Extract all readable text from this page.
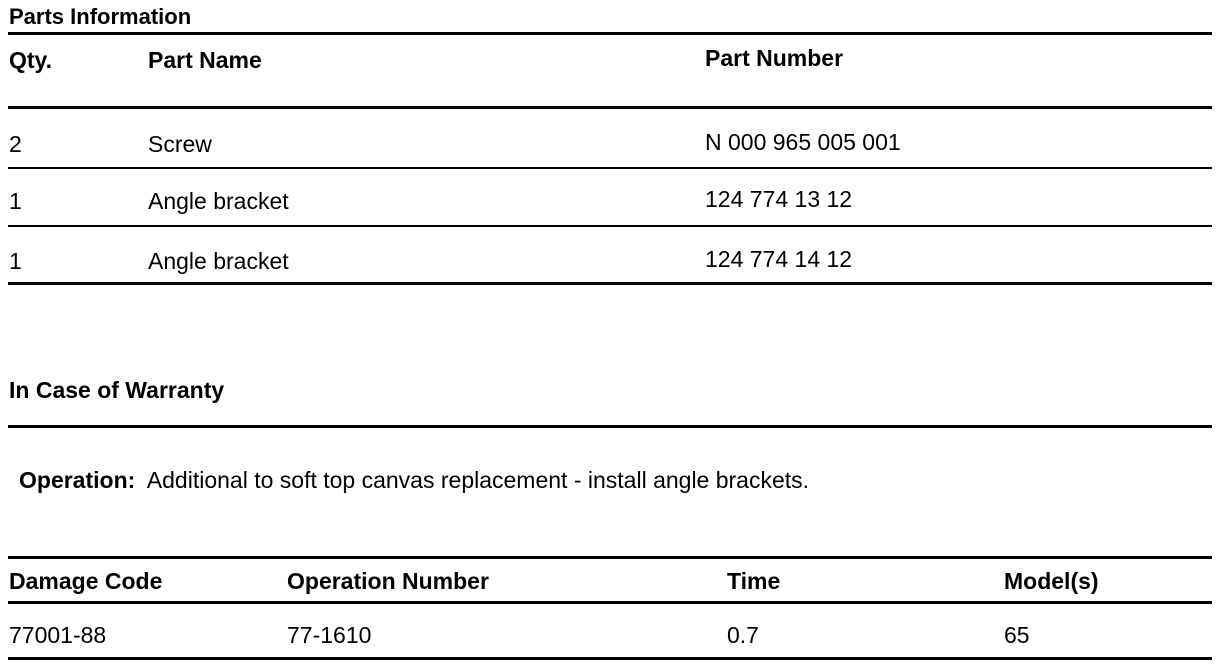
Parts Information
Qty.	Part Name	Part Number
2	Screw	N 000 965 005 001
1	Angle bracket	124 774 13 12
1	Angle bracket	124 774 14 12
In Case of Warranty
Operation: Additional to soft top canvas replacement - install angle brackets.
Damage Code	Operation Number	Time	Model(s)
77001-88	77-1610	0.7	65
